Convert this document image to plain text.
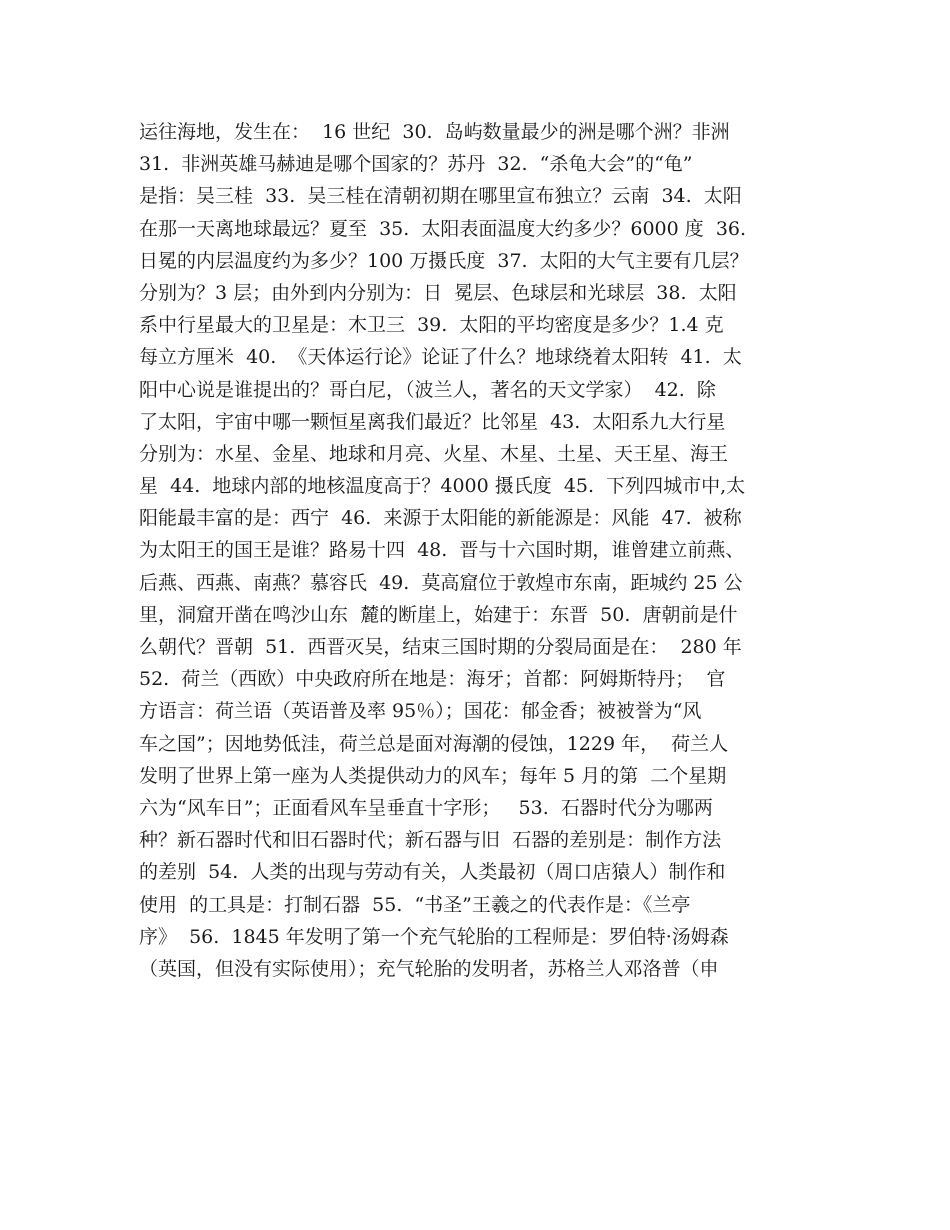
运往海地，发生在：  16 世纪  30.  岛屿数量最少的洲是哪个洲？非洲
31.  非洲英雄马赫迪是哪个国家的？苏丹  32.  “杀龟大会”的“龟”
是指：吴三桂  33.  吴三桂在清朝初期在哪里宣布独立？云南  34.  太阳
在那一天离地球最远？夏至  35.  太阳表面温度大约多少？6000 度  36.
日冕的内层温度约为多少？100 万摄氏度  37.  太阳的大气主要有几层？
分别为？3 层；由外到内分别为：日  冕层、色球层和光球层  38.  太阳
系中行星最大的卫星是：木卫三  39.  太阳的平均密度是多少？1.4 克
每立方厘米  40.  《天体运行论》论证了什么？地球绕着太阳转  41.  太
阳中心说是谁提出的？哥白尼，（波兰人，著名的天文学家）  42.  除
了太阳，宇宙中哪一颗恒星离我们最近？比邻星  43.  太阳系九大行星
分别为：水星、金星、地球和月亮、火星、木星、土星、天王星、海王
星  44.  地球内部的地核温度高于？4000 摄氏度  45.  下列四城市中,太
阳能最丰富的是：西宁  46.  来源于太阳能的新能源是：风能  47.  被称
为太阳王的国王是谁？路易十四  48.  晋与十六国时期，谁曾建立前燕、
后燕、西燕、南燕？慕容氏  49.  莫高窟位于敦煌市东南，距城约 25 公
里，洞窟开凿在鸣沙山东  麓的断崖上，始建于：东晋  50.  唐朝前是什
么朝代？晋朝  51.  西晋灭吴，结束三国时期的分裂局面是在：  280 年
52.  荷兰（西欧）中央政府所在地是：海牙；首都：阿姆斯特丹；  官
方语言：荷兰语（英语普及率 95％）；国花：郁金香；被被誉为“风
车之国”；因地势低洼，荷兰总是面对海潮的侵蚀，1229 年，  荷兰人
发明了世界上第一座为人类提供动力的风车；每年 5 月的第  二个星期
六为“风车日”；正面看风车呈垂直十字形；   53.  石器时代分为哪两
种？新石器时代和旧石器时代；新石器与旧  石器的差别是：制作方法
的差别  54.  人类的出现与劳动有关，人类最初（周口店猿人）制作和
使用  的工具是：打制石器  55.  “书圣”王羲之的代表作是：《兰亭
序》  56.  1845 年发明了第一个充气轮胎的工程师是：罗伯特·汤姆森
（英国，但没有实际使用）；充气轮胎的发明者，苏格兰人邓洛普（申
